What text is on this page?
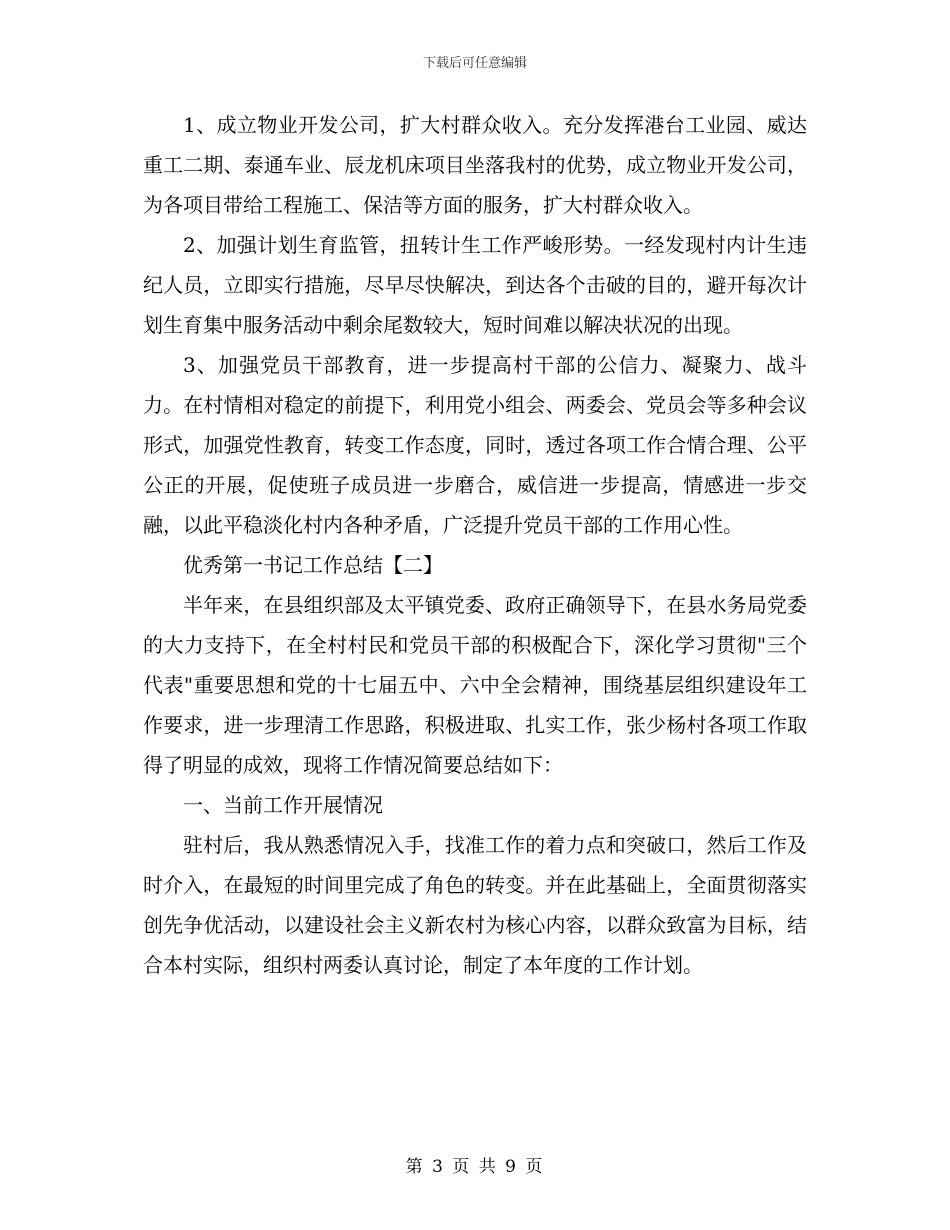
下载后可任意编辑

1、成立物业开发公司，扩大村群众收入。充分发挥港台工业园、威达重工二期、泰通车业、辰龙机床项目坐落我村的优势，成立物业开发公司，为各项目带给工程施工、保洁等方面的服务，扩大村群众收入。

2、加强计划生育监管，扭转计生工作严峻形势。一经发现村内计生违纪人员，立即实行措施，尽早尽快解决，到达各个击破的目的，避开每次计划生育集中服务活动中剩余尾数较大，短时间难以解决状况的出现。

3、加强党员干部教育，进一步提高村干部的公信力、凝聚力、战斗力。在村情相对稳定的前提下，利用党小组会、两委会、党员会等多种会议形式，加强党性教育，转变工作态度，同时，透过各项工作合情合理、公平公正的开展，促使班子成员进一步磨合，威信进一步提高，情感进一步交融，以此平稳淡化村内各种矛盾，广泛提升党员干部的工作用心性。

优秀第一书记工作总结【二】

半年来，在县组织部及太平镇党委、政府正确领导下，在县水务局党委的大力支持下，在全村村民和党员干部的积极配合下，深化学习贯彻"三个代表"重要思想和党的十七届五中、六中全会精神，围绕基层组织建设年工作要求，进一步理清工作思路，积极进取、扎实工作，张少杨村各项工作取得了明显的成效，现将工作情况简要总结如下：

一、当前工作开展情况

驻村后，我从熟悉情况入手，找准工作的着力点和突破口，然后工作及时介入，在最短的时间里完成了角色的转变。并在此基础上，全面贯彻落实创先争优活动，以建设社会主义新农村为核心内容，以群众致富为目标，结合本村实际，组织村两委认真讨论，制定了本年度的工作计划。

第 3 页 共 9 页
